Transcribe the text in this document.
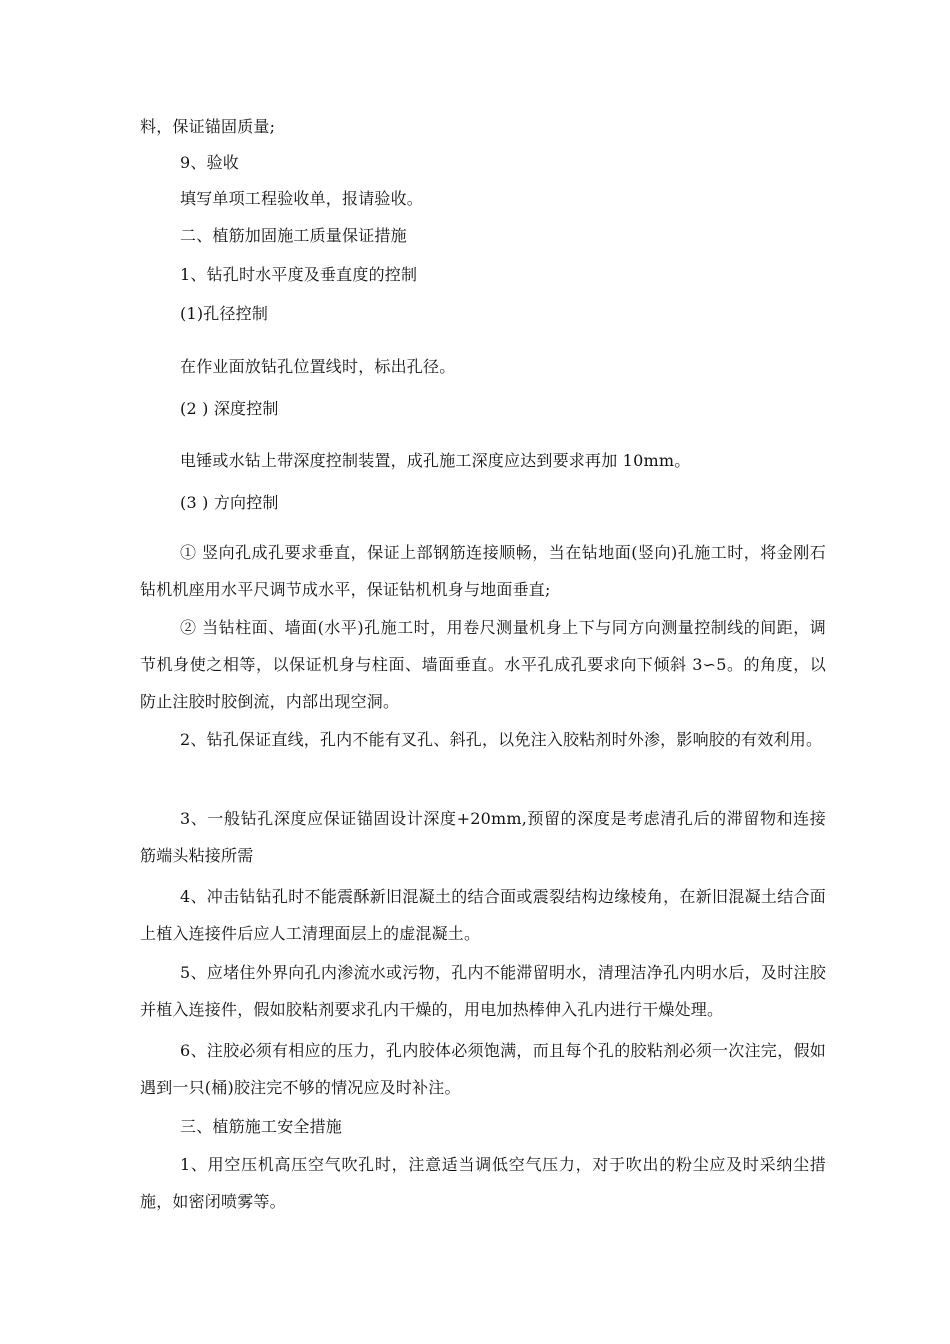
料，保证锚固质量;

9、验收

填写单项工程验收单，报请验收。

二、植筋加固施工质量保证措施

1、钻孔时水平度及垂直度的控制

(1)孔径控制

在作业面放钻孔位置线时，标出孔径。

(2 ) 深度控制

电锤或水钻上带深度控制装置，成孔施工深度应达到要求再加 10mm。

(3 ) 方向控制

① 竖向孔成孔要求垂直，保证上部钢筋连接顺畅，当在钻地面(竖向)孔施工时，将金刚石钻机机座用水平尺调节成水平，保证钻机机身与地面垂直;

② 当钻柱面、墙面(水平)孔施工时，用卷尺测量机身上下与同方向测量控制线的间距，调节机身使之相等，以保证机身与柱面、墙面垂直。水平孔成孔要求向下倾斜 3∽5。的角度，以防止注胶时胶倒流，内部出现空洞。

2、钻孔保证直线，孔内不能有叉孔、斜孔，以免注入胶粘剂时外渗，影响胶的有效利用。

3、一般钻孔深度应保证锚固设计深度+20mm,预留的深度是考虑清孔后的滞留物和连接筋端头粘接所需

4、冲击钻钻孔时不能震酥新旧混凝土的结合面或震裂结构边缘棱角，在新旧混凝土结合面上植入连接件后应人工清理面层上的虚混凝土。

5、应堵住外界向孔内渗流水或污物，孔内不能滞留明水，清理洁净孔内明水后，及时注胶并植入连接件，假如胶粘剂要求孔内干燥的，用电加热棒伸入孔内进行干燥处理。

6、注胶必须有相应的压力，孔内胶体必须饱满，而且每个孔的胶粘剂必须一次注完，假如遇到一只(桶)胶注完不够的情况应及时补注。

三、植筋施工安全措施

1、用空压机高压空气吹孔时，注意适当调低空气压力，对于吹出的粉尘应及时采纳尘措施，如密闭喷雾等。
